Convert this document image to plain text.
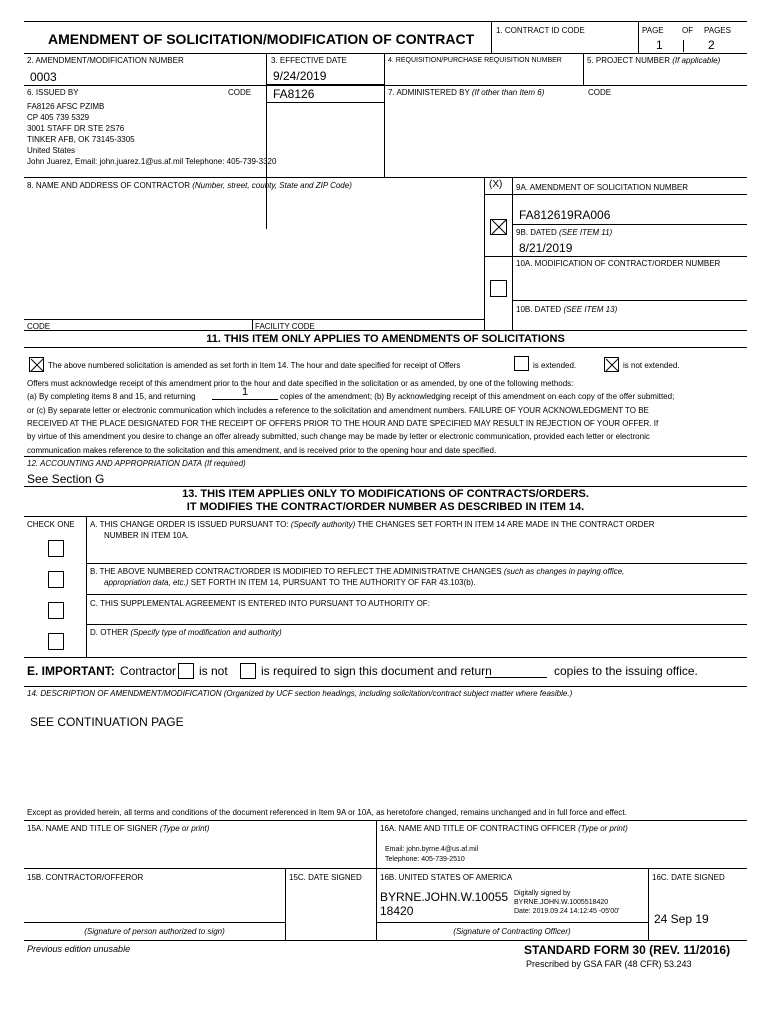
AMENDMENT OF SOLICITATION/MODIFICATION OF CONTRACT
1. CONTRACT ID CODE	PAGE OF PAGES
1	2
2. AMENDMENT/MODIFICATION NUMBER
0003
3. EFFECTIVE DATE
9/24/2019
4. REQUISITION/PURCHASE REQUISITION NUMBER	5. PROJECT NUMBER (If applicable)
6. ISSUED BY	CODE FA8126
FA8126 AFSC PZIMB
CP 405 739 5329
3001 STAFF DR STE 2S76
TINKER AFB, OK 73145-3305
United States
John Juarez, Email: john.juarez.1@us.af.mil Telephone: 405-739-3320
7. ADMINISTERED BY (If other than Item 6)	CODE
8. NAME AND ADDRESS OF CONTRACTOR (Number, street, county, State and ZIP Code)	(X) 9A. AMENDMENT OF SOLICITATION NUMBER
FA812619RA006
9B. DATED (SEE ITEM 11)
8/21/2019
10A. MODIFICATION OF CONTRACT/ORDER NUMBER
10B. DATED (SEE ITEM 13)
CODE	FACILITY CODE
11. THIS ITEM ONLY APPLIES TO AMENDMENTS OF SOLICITATIONS
The above numbered solicitation is amended as set forth in Item 14. The hour and date specified for receipt of Offers	is extended.	is not extended.
Offers must acknowledge receipt of this amendment prior to the hour and date specified in the solicitation or as amended, by one of the following methods:
(a) By completing items 8 and 15, and returning	1	copies of the amendment; (b) By acknowledging receipt of this amendment on each copy of the offer submitted;
or (c) By separate letter or electronic communication which includes a reference to the solicitation and amendment numbers. FAILURE OF YOUR ACKNOWLEDGMENT TO BE
RECEIVED AT THE PLACE DESIGNATED FOR THE RECEIPT OF OFFERS PRIOR TO THE HOUR AND DATE SPECIFIED MAY RESULT IN REJECTION OF YOUR OFFER. If
by virtue of this amendment you desire to change an offer already submitted, such change may be made by letter or electronic communication, provided each letter or electronic
communication makes reference to the solicitation and this amendment, and is received prior to the opening hour and date specified.
12. ACCOUNTING AND APPROPRIATION DATA (If required)
See Section G
13. THIS ITEM APPLIES ONLY TO MODIFICATIONS OF CONTRACTS/ORDERS.
IT MODIFIES THE CONTRACT/ORDER NUMBER AS DESCRIBED IN ITEM 14.
CHECK ONE A. THIS CHANGE ORDER IS ISSUED PURSUANT TO: (Specify authority) THE CHANGES SET FORTH IN ITEM 14 ARE MADE IN THE CONTRACT ORDER
NUMBER IN ITEM 10A.
B. THE ABOVE NUMBERED CONTRACT/ORDER IS MODIFIED TO REFLECT THE ADMINISTRATIVE CHANGES (such as changes in paying office,
appropriation data, etc.) SET FORTH IN ITEM 14, PURSUANT TO THE AUTHORITY OF FAR 43.103(b).
C. THIS SUPPLEMENTAL AGREEMENT IS ENTERED INTO PURSUANT TO AUTHORITY OF:
D. OTHER (Specify type of modification and authority)
E. IMPORTANT: Contractor is not	is required to sign this document and return	copies to the issuing office.
14. DESCRIPTION OF AMENDMENT/MODIFICATION (Organized by UCF section headings, including solicitation/contract subject matter where feasible.)
SEE CONTINUATION PAGE
Except as provided herein, all terms and conditions of the document referenced in Item 9A or 10A, as heretofore changed, remains unchanged and in full force and effect.
15A. NAME AND TITLE OF SIGNER (Type or print)	16A. NAME AND TITLE OF CONTRACTING OFFICER (Type or print)
Email: john.byrne.4@us.af.mil
Telephone: 405-739-2510
15B. CONTRACTOR/OFFEROR	15C. DATE SIGNED 16B. UNITED STATES OF AMERICA	16C. DATE SIGNED
BYRNE.JOHN.W.10055
18420
Digitally signed by
BYRNE.JOHN.W.1005518420
Date: 2019.09.24 14:12:45 -05'00'
24 Sep 19
(Signature of person authorized to sign)	(Signature of Contracting Officer)
Previous edition unusable	STANDARD FORM 30 (REV. 11/2016)
Prescribed by GSA FAR (48 CFR) 53.243
